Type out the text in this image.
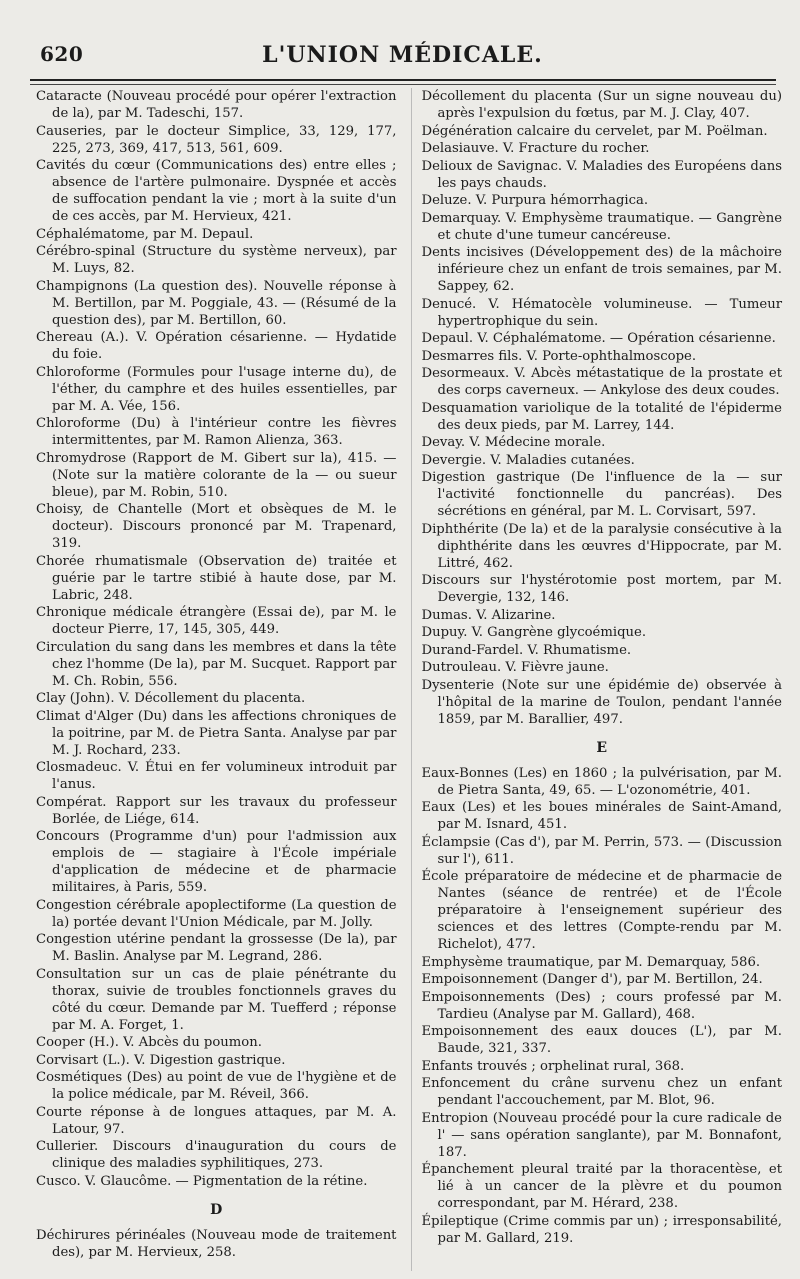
620	L'UNION MÉDICALE.

Cataracte (Nouveau procédé pour opérer l'extraction de la), par M. Tadeschi, 157.

Causeries, par le docteur Simplice, 33, 129, 177, 225, 273, 369, 417, 513, 561, 609.

Cavités du cœur (Communications des) entre elles ; absence de l'artère pulmonaire. Dyspnée et accès de suffocation pendant la vie ; mort à la suite d'un de ces accès, par M. Hervieux, 421.

Céphalématome, par M. Depaul.

Cérébro-spinal (Structure du système nerveux), par M. Luys, 82.

Champignons (La question des). Nouvelle réponse à M. Bertillon, par M. Poggiale, 43. — (Résumé de la question des), par M. Bertillon, 60.

Chereau (A.). V. Opération césarienne. — Hydatide du foie.

Chloroforme (Formules pour l'usage interne du), de l'éther, du camphre et des huiles essentielles, par par M. A. Vée, 156.

Chloroforme (Du) à l'intérieur contre les fièvres intermittentes, par M. Ramon Alienza, 363.

Chromydrose (Rapport de M. Gibert sur la), 415. — (Note sur la matière colorante de la — ou sueur bleue), par M. Robin, 510.

Choisy, de Chantelle (Mort et obsèques de M. le docteur). Discours prononcé par M. Trapenard, 319.

Chorée rhumatismale (Observation de) traitée et guérie par le tartre stibié à haute dose, par M. Labric, 248.

Chronique médicale étrangère (Essai de), par M. le docteur Pierre, 17, 145, 305, 449.

Circulation du sang dans les membres et dans la tête chez l'homme (De la), par M. Sucquet. Rapport par M. Ch. Robin, 556.

Clay (John). V. Décollement du placenta.

Climat d'Alger (Du) dans les affections chroniques de la poitrine, par M. de Pietra Santa. Analyse par par M. J. Rochard, 233.

Closmadeuc. V. Étui en fer volumineux introduit par l'anus.

Compérat. Rapport sur les travaux du professeur Borlée, de Liége, 614.

Concours (Programme d'un) pour l'admission aux emplois de — stagiaire à l'École impériale d'application de médecine et de pharmacie militaires, à Paris, 559.

Congestion cérébrale apoplectiforme (La question de la) portée devant l'Union Médicale, par M. Jolly.

Congestion utérine pendant la grossesse (De la), par M. Baslin. Analyse par M. Legrand, 286.

Consultation sur un cas de plaie pénétrante du thorax, suivie de troubles fonctionnels graves du côté du cœur. Demande par M. Tuefferd ; réponse par M. A. Forget, 1.

Cooper (H.). V. Abcès du poumon.

Corvisart (L.). V. Digestion gastrique.

Cosmétiques (Des) au point de vue de l'hygiène et de la police médicale, par M. Réveil, 366.

Courte réponse à de longues attaques, par M. A. Latour, 97.

Cullerier. Discours d'inauguration du cours de clinique des maladies syphilitiques, 273.

Cusco. V. Glaucôme. — Pigmentation de la rétine.

D

Déchirures périnéales (Nouveau mode de traitement des), par M. Hervieux, 258.

Décollement du placenta (Sur un signe nouveau du) après l'expulsion du fœtus, par M. J. Clay, 407.

Dégénération calcaire du cervelet, par M. Poëlman.

Delasiauve. V. Fracture du rocher.

Delioux de Savignac. V. Maladies des Européens dans les pays chauds.

Deluze. V. Purpura hémorrhagica.

Demarquay. V. Emphysème traumatique. — Gangrène et chute d'une tumeur cancéreuse.

Dents incisives (Développement des) de la mâchoire inférieure chez un enfant de trois semaines, par M. Sappey, 62.

Denucé. V. Hématocèle volumineuse. — Tumeur hypertrophique du sein.

Depaul. V. Céphalématome. — Opération césarienne.

Desmarres fils. V. Porte-ophthalmoscope.

Desormeaux. V. Abcès métastatique de la prostate et des corps caverneux. — Ankylose des deux coudes.

Desquamation variolique de la totalité de l'épiderme des deux pieds, par M. Larrey, 144.

Devay. V. Médecine morale.

Devergie. V. Maladies cutanées.

Digestion gastrique (De l'influence de la — sur l'activité fonctionnelle du pancréas). Des sécrétions en général, par M. L. Corvisart, 597.

Diphthérite (De la) et de la paralysie consécutive à la diphthérite dans les œuvres d'Hippocrate, par M. Littré, 462.

Discours sur l'hystérotomie post mortem, par M. Devergie, 132, 146.

Dumas. V. Alizarine.

Dupuy. V. Gangrène glycoémique.

Durand-Fardel. V. Rhumatisme.

Dutrouleau. V. Fièvre jaune.

Dysenterie (Note sur une épidémie de) observée à l'hôpital de la marine de Toulon, pendant l'année 1859, par M. Barallier, 497.

E

Eaux-Bonnes (Les) en 1860 ; la pulvérisation, par M. de Pietra Santa, 49, 65. — L'ozonométrie, 401.

Eaux (Les) et les boues minérales de Saint-Amand, par M. Isnard, 451.

Éclampsie (Cas d'), par M. Perrin, 573. — (Discussion sur l'), 611.

École préparatoire de médecine et de pharmacie de Nantes (séance de rentrée) et de l'École préparatoire à l'enseignement supérieur des sciences et des lettres (Compte-rendu par M. Richelot), 477.

Emphysème traumatique, par M. Demarquay, 586.

Empoisonnement (Danger d'), par M. Bertillon, 24.

Empoisonnements (Des) ; cours professé par M. Tardieu (Analyse par M. Gallard), 468.

Empoisonnement des eaux douces (L'), par M. Baude, 321, 337.

Enfants trouvés ; orphelinat rural, 368.

Enfoncement du crâne survenu chez un enfant pendant l'accouchement, par M. Blot, 96.

Entropion (Nouveau procédé pour la cure radicale de l' — sans opération sanglante), par M. Bonnafont, 187.

Épanchement pleural traité par la thoracentèse, et lié à un cancer de la plèvre et du poumon correspondant, par M. Hérard, 238.

Épileptique (Crime commis par un) ; irresponsabilité, par M. Gallard, 219.
